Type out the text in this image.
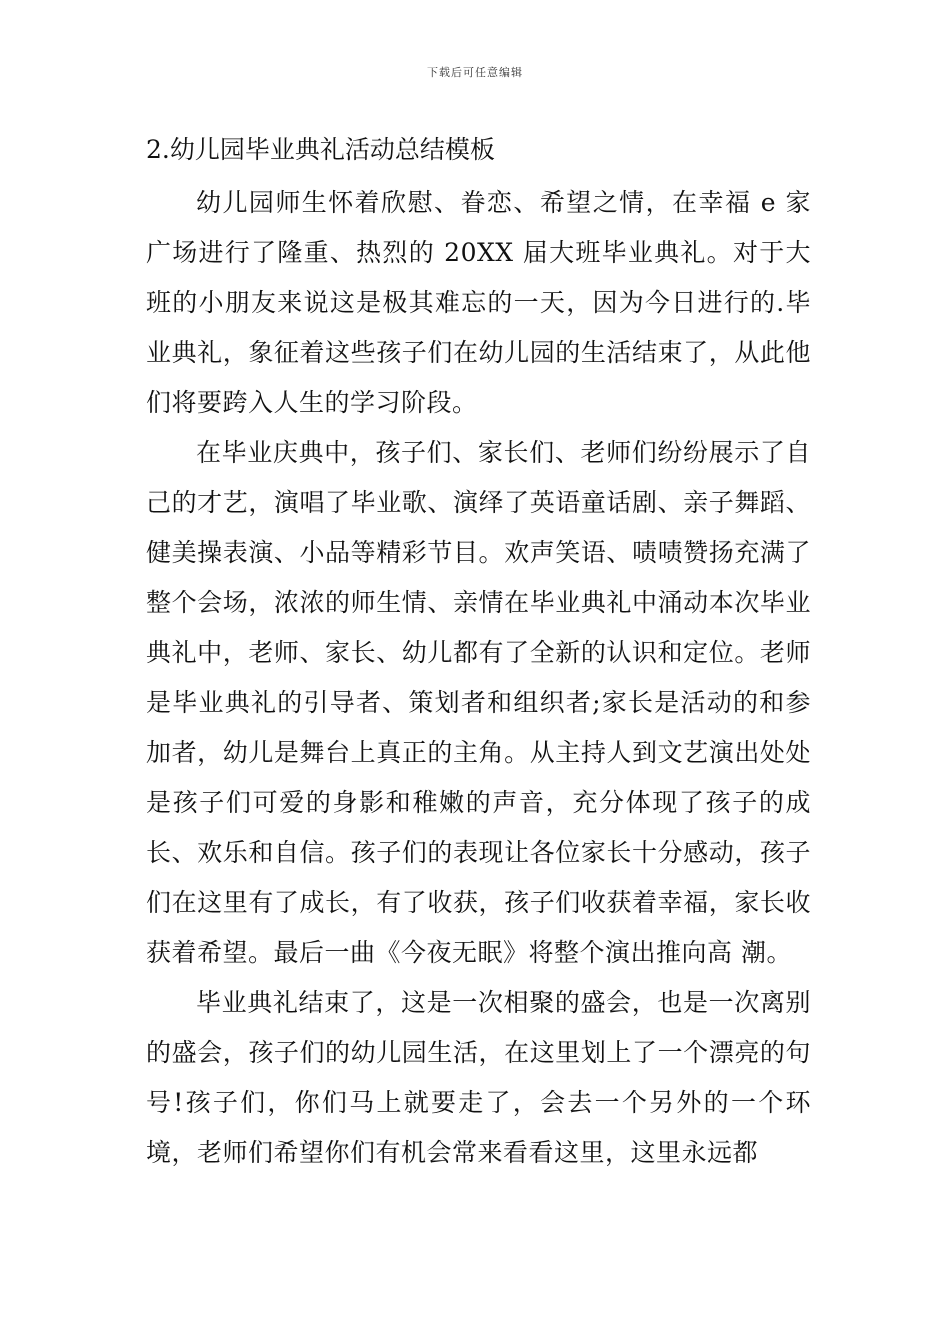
下载后可任意编辑
2.幼儿园毕业典礼活动总结模板

幼儿园师生怀着欣慰、眷恋、希望之情，在幸福 e 家广场进行了隆重、热烈的 20XX 届大班毕业典礼。对于大班的小朋友来说这是极其难忘的一天，因为今日进行的.毕业典礼，象征着这些孩子们在幼儿园的生活结束了，从此他们将要跨入人生的学习阶段。

在毕业庆典中，孩子们、家长们、老师们纷纷展示了自己的才艺，演唱了毕业歌、演绎了英语童话剧、亲子舞蹈、健美操表演、小品等精彩节目。欢声笑语、啧啧赞扬充满了整个会场，浓浓的师生情、亲情在毕业典礼中涌动本次毕业典礼中，老师、家长、幼儿都有了全新的认识和定位。老师是毕业典礼的引导者、策划者和组织者;家长是活动的和参加者，幼儿是舞台上真正的主角。从主持人到文艺演出处处是孩子们可爱的身影和稚嫩的声音，充分体现了孩子的成长、欢乐和自信。孩子们的表现让各位家长十分感动，孩子们在这里有了成长，有了收获，孩子们收获着幸福，家长收获着希望。最后一曲《今夜无眠》将整个演出推向高 潮。

毕业典礼结束了，这是一次相聚的盛会，也是一次离别的盛会，孩子们的幼儿园生活，在这里划上了一个漂亮的句号!孩子们，你们马上就要走了，会去一个另外的一个环境，老师们希望你们有机会常来看看这里，这里永远都
